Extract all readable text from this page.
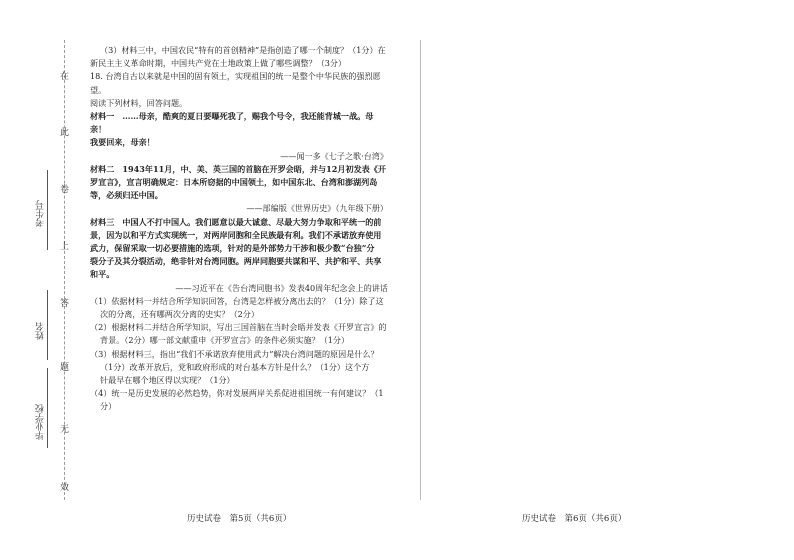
在
此
卷
上
答
题
无
效
考生号
姓名
毕业学校

（3）材料三中，中国农民“特有的首创精神”是指创造了哪一个制度？（1分）在

新民主主义革命时期，中国共产党在土地政策上做了哪些调整？（3分）

18. 台湾自古以来就是中国的固有领土，实现祖国的统一是整个中华民族的强烈愿望。

阅读下列材料，回答问题。

材料一　……母亲，酷爽的夏日要曝死我了，赐我个号令，我还能背城一战。母亲！

我要回来，母亲！

——闻一多《七子之歌·台湾》

材料二　1943年11月，中、美、英三国的首脑在开罗会晤，并与12月初发表《开

罗宣言》，宣言明确规定：日本所窃据的中国领土，如中国东北、台湾和澎湖列岛

等，必须归还中国。

——部编版《世界历史》（九年级下册）

材料三　中国人不打中国人。我们愿意以最大诚意、尽最大努力争取和平统一的前

景，因为以和平方式实现统一，对两岸同胞和全民族最有利。我们不承诺放弃使用

武力，保留采取一切必要措施的选项，针对的是外部势力干涉和极少数“台独”分

裂分子及其分裂活动，绝非针对台湾同胞。两岸同胞要共谋和平、共护和平、共享

和平。

——习近平在《告台湾同胞书》发表40周年纪念会上的讲话

（1）依据材料一并结合所学知识回答，台湾是怎样被分离出去的？（1分）除了这

次的分离，还有哪两次分离的史实？（2分）

（2）根据材料二并结合所学知识，写出三国首脑在当时会晤并发表《开罗宣言》的

背景。（2分）哪一部文献重申《开罗宣言》的条件必须实施？（1分）

（3）根据材料三，指出“我们不承诺放弃使用武力”解决台湾问题的原因是什么？

（1分）改革开放后，党和政府形成的对台基本方针是什么？（1分）这个方

针最早在哪个地区得以实现？（1分）

（4）统一是历史发展的必然趋势，你对发展两岸关系促进祖国统一有何建议？（1

分）

历史试卷　第5页（共6页）	历史试卷　第6页（共6页）
